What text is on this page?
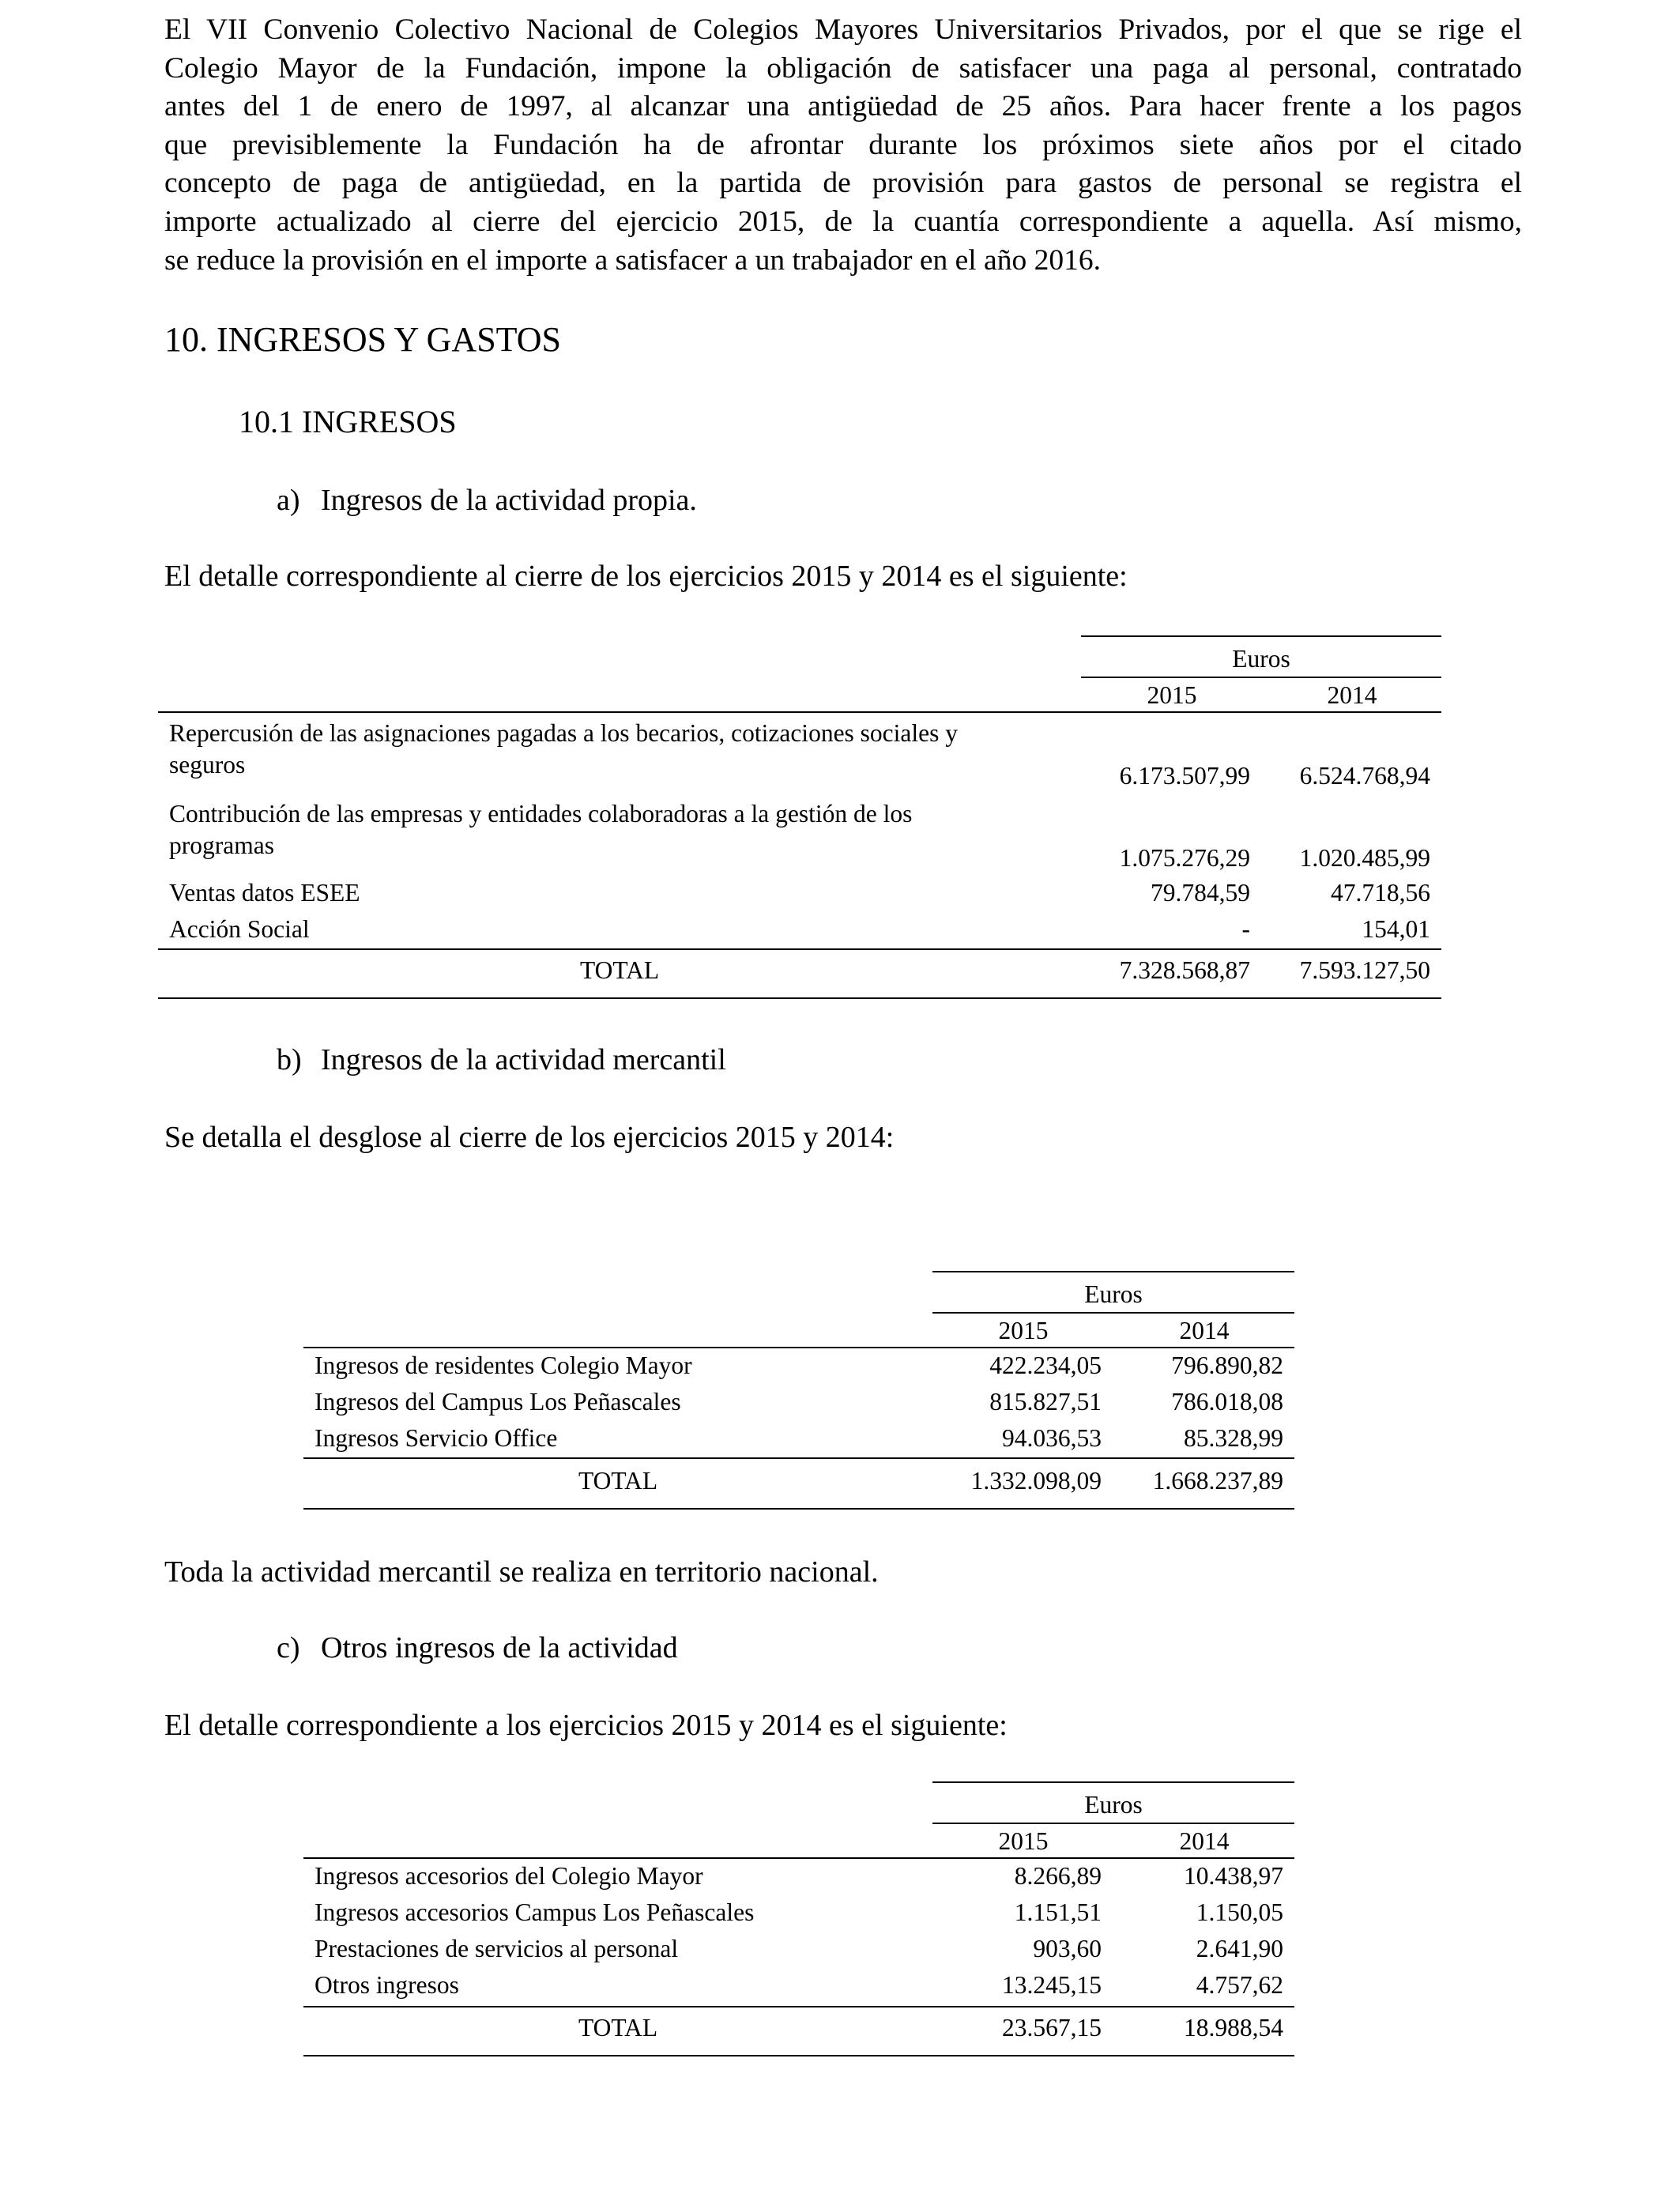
El VII Convenio Colectivo Nacional de Colegios Mayores Universitarios Privados, por el que se rige el
Colegio Mayor de la Fundación, impone la obligación de satisfacer una paga al personal, contratado
antes del 1 de enero de 1997, al alcanzar una antigüedad de 25 años. Para hacer frente a los pagos
que previsiblemente la Fundación ha de afrontar durante los próximos siete años por el citado
concepto de paga de antigüedad, en la partida de provisión para gastos de personal se registra el
importe actualizado al cierre del ejercicio 2015, de la cuantía correspondiente a aquella. Así mismo,
se reduce la provisión en el importe a satisfacer a un trabajador en el año 2016.
10. INGRESOS Y GASTOS
10.1 INGRESOS
a) Ingresos de la actividad propia.

El detalle correspondiente al cierre de los ejercicios 2015 y 2014 es el siguiente:

Euros
2015	2014
Repercusión de las asignaciones pagadas a los becarios, cotizaciones sociales y
seguros	6.173.507,99	6.524.768,94
Contribución de las empresas y entidades colaboradoras a la gestión de los
programas	1.075.276,29	1.020.485,99
Ventas datos ESEE	79.784,59	47.718,56
Acción Social	-	154,01
TOTAL	7.328.568,87	7.593.127,50
b) Ingresos de la actividad mercantil

Se detalla el desglose al cierre de los ejercicios 2015 y 2014:

Euros
2015	2014
Ingresos de residentes Colegio Mayor	422.234,05	796.890,82
Ingresos del Campus Los Peñascales	815.827,51	786.018,08
Ingresos Servicio Office	94.036,53	85.328,99
TOTAL	1.332.098,09	1.668.237,89

Toda la actividad mercantil se realiza en territorio nacional.

c) Otros ingresos de la actividad

El detalle correspondiente a los ejercicios 2015 y 2014 es el siguiente:

Euros
2015	2014
Ingresos accesorios del Colegio Mayor	8.266,89	10.438,97
Ingresos accesorios Campus Los Peñascales	1.151,51	1.150,05
Prestaciones de servicios al personal	903,60	2.641,90
Otros ingresos	13.245,15	4.757,62
TOTAL	23.567,15	18.988,54
